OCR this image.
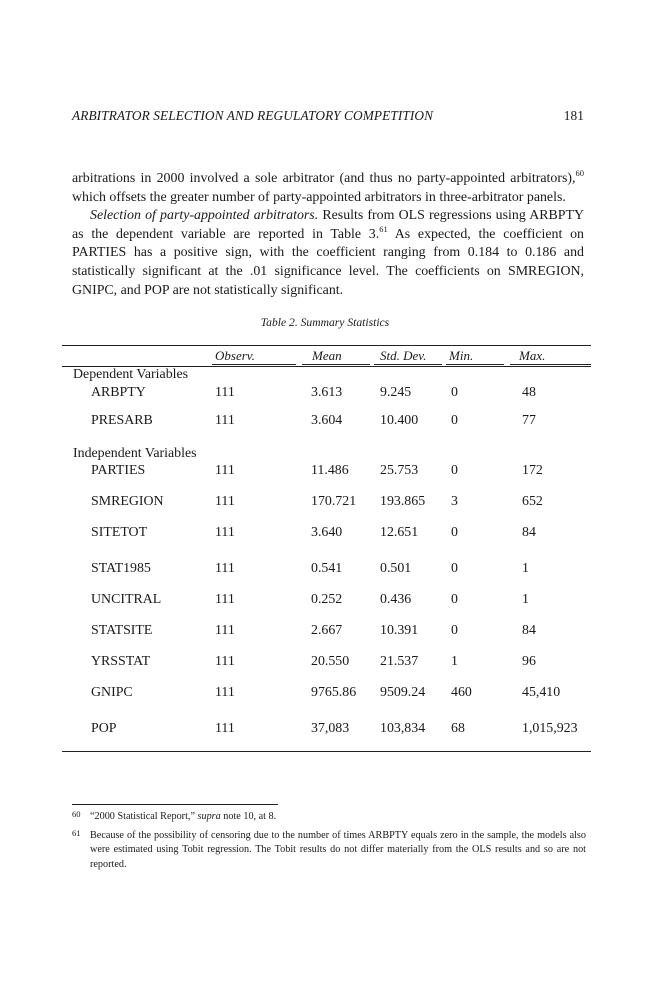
ARBITRATOR SELECTION AND REGULATORY COMPETITION	181

arbitrations in 2000 involved a sole arbitrator (and thus no party-appointed arbitrators),$^{60}$ which offsets the greater number of party-appointed arbitrators in three-arbitrator panels.

Selection of party-appointed arbitrators. Results from OLS regressions using ARBPTY as the dependent variable are reported in Table 3.61 As expected, the coefficient on PARTIES has a positive sign, with the coefficient ranging from 0.184 to 0.186 and statistically significant at the .01 significance level. The coefficients on SMREGION, GNIPC, and POP are not statistically significant.

Table 2. Summary Statistics
Observ.	Mean	Std. Dev. Min.	Max.
Dependent Variables
Independent Variables
ARBPTY	111	3.613	9.245	0	48
PRESARB	111	3.604	10.400 0	77
PARTIES	111	11.486 25.753 0	172
SMREGION	111	170.721 193.865 3	652
SITETOT	111	3.640	12.651 0	84
STAT1985	111	0.541	0.501	0	1
UNCITRAL	111	0.252	0.436	0	1
STATSITE	111	2.667	10.391 0	84
YRSSTAT	111	20.550 21.537 1	96
GNIPC	111	9765.86 9509.24 460	45,410
POP	111	37,083 103,834 68	1,015,923

60 “2000 Statistical Report,” supra note 10, at 8.

61 Because of the possibility of censoring due to the number of times ARBPTY equals zero in the sample, the models also were estimated using Tobit regression. The Tobit results do not differ materially from the OLS results and so are not reported.
